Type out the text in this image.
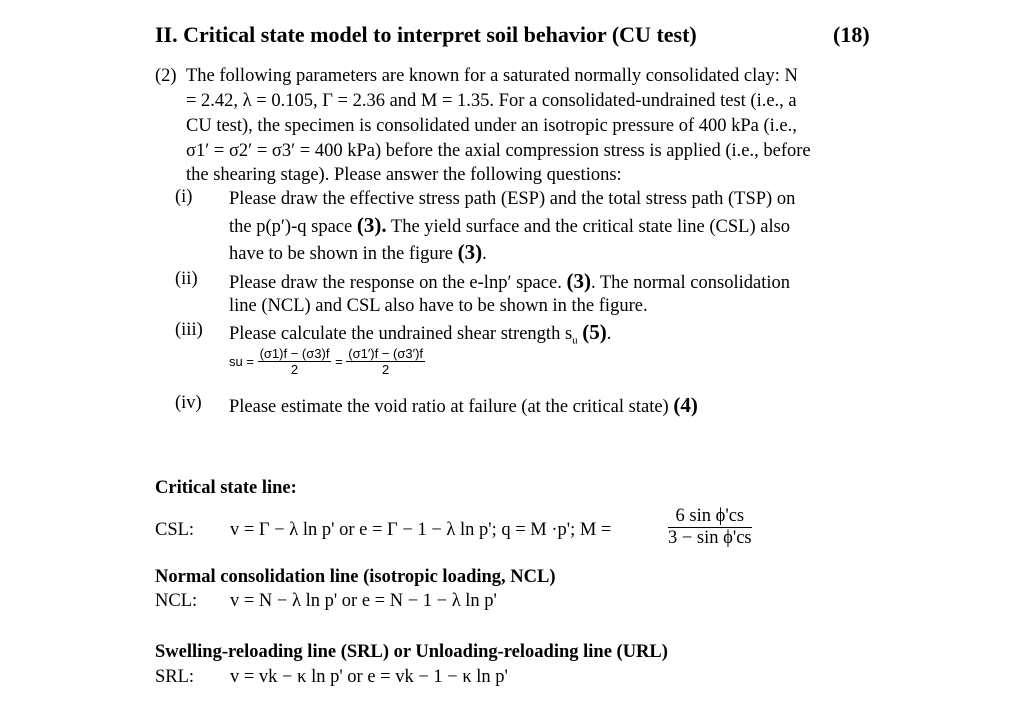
II. Critical state model to interpret soil behavior (CU test)	(18)
(2) The following parameters are known for a saturated normally consolidated clay: N
= 2.42, λ = 0.105, Γ = 2.36 and M = 1.35. For a consolidated-undrained test (i.e., a
CU test), the specimen is consolidated under an isotropic pressure of 400 kPa (i.e.,
σ1′ = σ2′ = σ3′ = 400 kPa) before the axial compression stress is applied (i.e., before
the shearing stage). Please answer the following questions:
(i) Please draw the effective stress path (ESP) and the total stress path (TSP) on
the p(p′)-q space (3). The yield surface and the critical state line (CSL) also
have to be shown in the figure (3).
(ii) Please draw the response on the e-lnp′ space. (3). The normal consolidation
line (NCL) and CSL also have to be shown in the figure.
(iii) Please calculate the undrained shear strength $s_u$ (5).
su = $\frac{(\sigma 1)f - (\sigma 3)f}{2} = \frac{(\sigma 1')f - (\sigma 3')f}{2}$
(iv) Please estimate the void ratio at failure (at the critical state) (4)
Critical state line:
CSL: v = Γ − λ ln p' or e = Γ − 1 − λ ln p'; q = M ·p'; M =	$\frac{\text{6 sin ϕ'cs}}{\text{3 − sin ϕ'cs}}$
Normal consolidation line (isotropic loading, NCL)
NCL: v = N − λ ln p' or e = N − 1 − λ ln p'
Swelling-reloading line (SRL) or Unloading-reloading line (URL)
SRL: v = vk − κ ln p' or e = vk − 1 − κ ln p'
